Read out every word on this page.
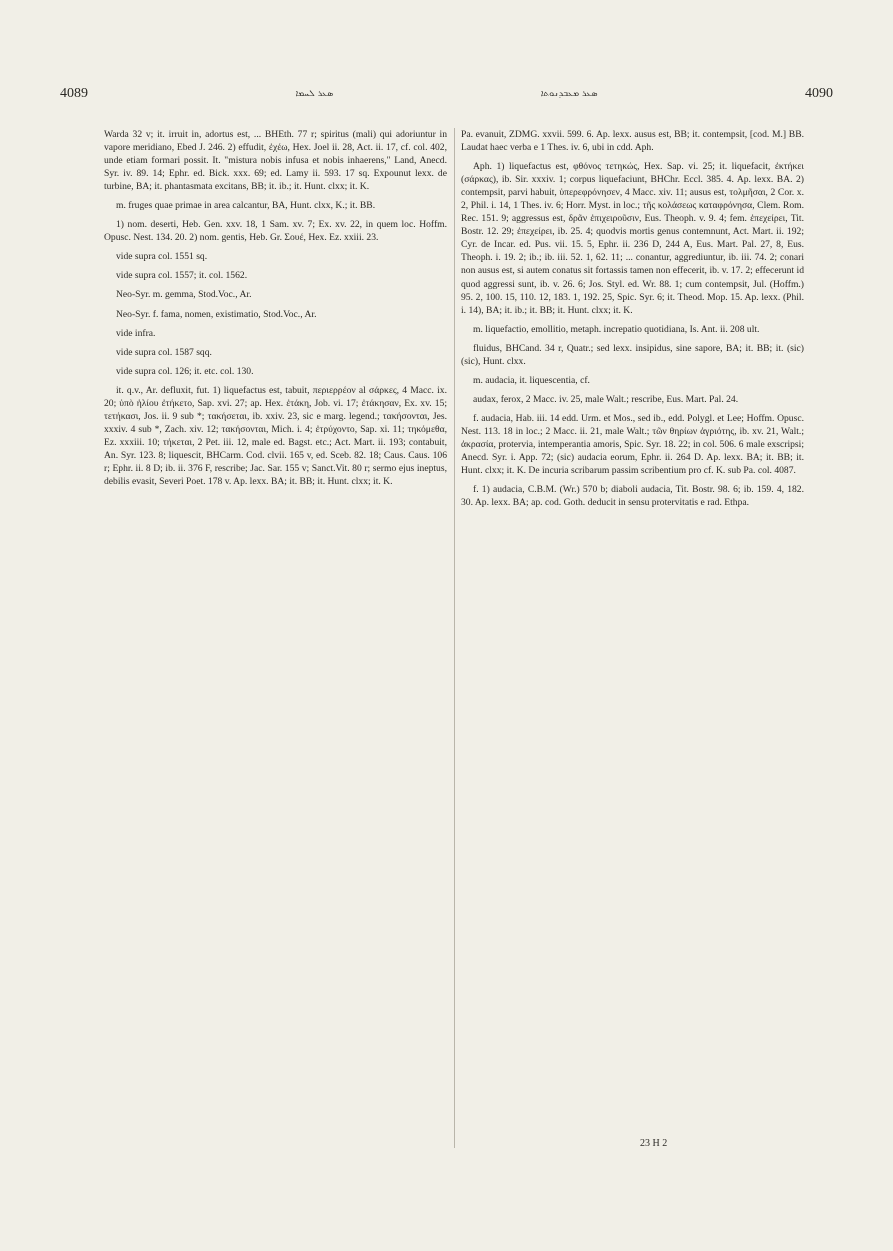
4089	ܣܥܪ ܠܚܡܐ	ܣܥܪ ܡܥܒܕܢܘܬܐ	4090

Warda 32 v; it. irruit in, adortus est, ... BHEth. 77 r; spiritus (mali) qui adoriuntur in vapore meridiano, Ebed J. 246. 2) effudit, ἐχέω, Hex. Joel ii. 28, Act. ii. 17, cf. col. 402, unde etiam formari possit. It. "mistura nobis infusa et nobis inhaerens," Land, Anecd. Syr. iv. 89. 14; Ephr. ed. Bick. xxx. 69; ed. Lamy ii. 593. 17 sq. Expounut lexx. de turbine, BA; it. phantasmata excitans, BB; it. ib.; it. Hunt. clxx; it. K.

m. fruges quae primae in area calcantur, BA, Hunt. clxx, K.; it. BB.

1) nom. deserti, Heb. Gen. xxv. 18, 1 Sam. xv. 7; Ex. xv. 22, in quem loc. Hoffm. Opusc. Nest. 134. 20. 2) nom. gentis, Heb. Gr. Σουέ, Hex. Ez. xxiii. 23.

vide supra col. 1551 sq.

vide supra col. 1557; it. col. 1562.

Neo-Syr. m. gemma, Stod.Voc., Ar.

Neo-Syr. f. fama, nomen, existimatio, Stod.Voc., Ar.

vide infra.

vide supra col. 1587 sqq.

vide supra col. 126; it. etc. col. 130.

it. q.v., Ar. defluxit, fut. 1) liquefactus est, tabuit, περιερρέον al σάρκες, 4 Macc. ix. 20; ὑπὸ ἡλίου ἐτήκετο, Sap. xvi. 27; ap. Hex. ἐτάκη, Job. vi. 17; ἐτάκησαν, Ex. xv. 15; τετήκασι, Jos. ii. 9 sub *; τακήσεται, ib. xxiv. 23, sic e marg. legend.; τακήσονται, Jes. xxxiv. 4 sub *, Zach. xiv. 12; τακήσονται, Mich. i. 4; ἐτρύχοντο, Sap. xi. 11; τηκόμεθα, Ez. xxxiii. 10; τήκεται, 2 Pet. iii. 12, male ed. Bagst. etc.; Act. Mart. ii. 193; contabuit, An. Syr. 123. 8; liquescit, BHCarm. Cod. clvii. 165 v, ed. Sceb. 82. 18; Caus. Caus. 106 r; Ephr. ii. 8 D; ib. ii. 376 F, rescribe; Jac. Sar. 155 v; Sanct.Vit. 80 r; sermo ejus ineptus, debilis evasit, Severi Poet. 178 v. Ap. lexx. BA; it. BB; it. Hunt. clxx; it. K.

Pa. evanuit, ZDMG. xxvii. 599. 6. Ap. lexx. ausus est, BB; it. contempsit, [cod. M.] BB. Laudat haec verba e 1 Thes. iv. 6, ubi in cdd. Aph.

Aph. 1) liquefactus est, φθόνος τετηκώς, Hex. Sap. vi. 25; it. liquefacit, ἐκτήκει (σάρκας), ib. Sir. xxxiv. 1; corpus liquefaciunt, BHChr. Eccl. 385. 4. Ap. lexx. BA. 2) contempsit, parvi habuit, ὑπερεφρόνησεν, 4 Macc. xiv. 11; ausus est, τολμῆσαι, 2 Cor. x. 2, Phil. i. 14, 1 Thes. iv. 6; Horr. Myst. in loc.; τῆς κολάσεως καταφρόνησα, Clem. Rom. Rec. 151. 9; aggressus est, δρᾶν ἐπιχειροῦσιν, Eus. Theoph. v. 9. 4; fem. ἐπεχείρει, Tit. Bostr. 12. 29; ἐπεχείρει, ib. 25. 4; quodvis mortis genus contemnunt, Act. Mart. ii. 192; Cyr. de Incar. ed. Pus. vii. 15. 5, Ephr. ii. 236 D, 244 A, Eus. Mart. Pal. 27, 8, Eus. Theoph. i. 19. 2; ib.; ib. iii. 52. 1, 62. 11; ... conantur, aggrediuntur, ib. iii. 74. 2; conari non ausus est, si autem conatus sit fortassis tamen non effecerit, ib. v. 17. 2; effecerunt id quod aggressi sunt, ib. v. 26. 6; Jos. Styl. ed. Wr. 88. 1; cum contempsit, Jul. (Hoffm.) 95. 2, 100. 15, 110. 12, 183. 1, 192. 25, Spic. Syr. 6; it. Theod. Mop. 15. Ap. lexx. (Phil. i. 14), BA; it. ib.; it. BB; it. Hunt. clxx; it. K.

m. liquefactio, emollitio, metaph. increpatio quotidiana, Is. Ant. ii. 208 ult.

fluidus, BHCand. 34 r, Quatr.; sed lexx. insipidus, sine sapore, BA; it. BB; it. (sic) (sic), Hunt. clxx.

m. audacia, it. liquescentia, cf.

audax, ferox, 2 Macc. iv. 25, male Walt.; rescribe, Eus. Mart. Pal. 24.

f. audacia, Hab. iii. 14 edd. Urm. et Mos., sed ib., edd. Polygl. et Lee; Hoffm. Opusc. Nest. 113. 18 in loc.; 2 Macc. ii. 21, male Walt.; τῶν θηρίων ἀγριότης, ib. xv. 21, Walt.; ἀκρασία, protervia, intemperantia amoris, Spic. Syr. 18. 22; in col. 506. 6 male exscripsi; Anecd. Syr. i. App. 72; (sic) audacia eorum, Ephr. ii. 264 D. Ap. lexx. BA; it. BB; it. Hunt. clxx; it. K. De incuria scribarum passim scribentium pro cf. K. sub Pa. col. 4087.

f. 1) audacia, C.B.M. (Wr.) 570 b; diaboli audacia, Tit. Bostr. 98. 6; ib. 159. 4, 182. 30. Ap. lexx. BA; ap. cod. Goth. deducit in sensu protervitatis e rad. Ethpa.

23 H 2
